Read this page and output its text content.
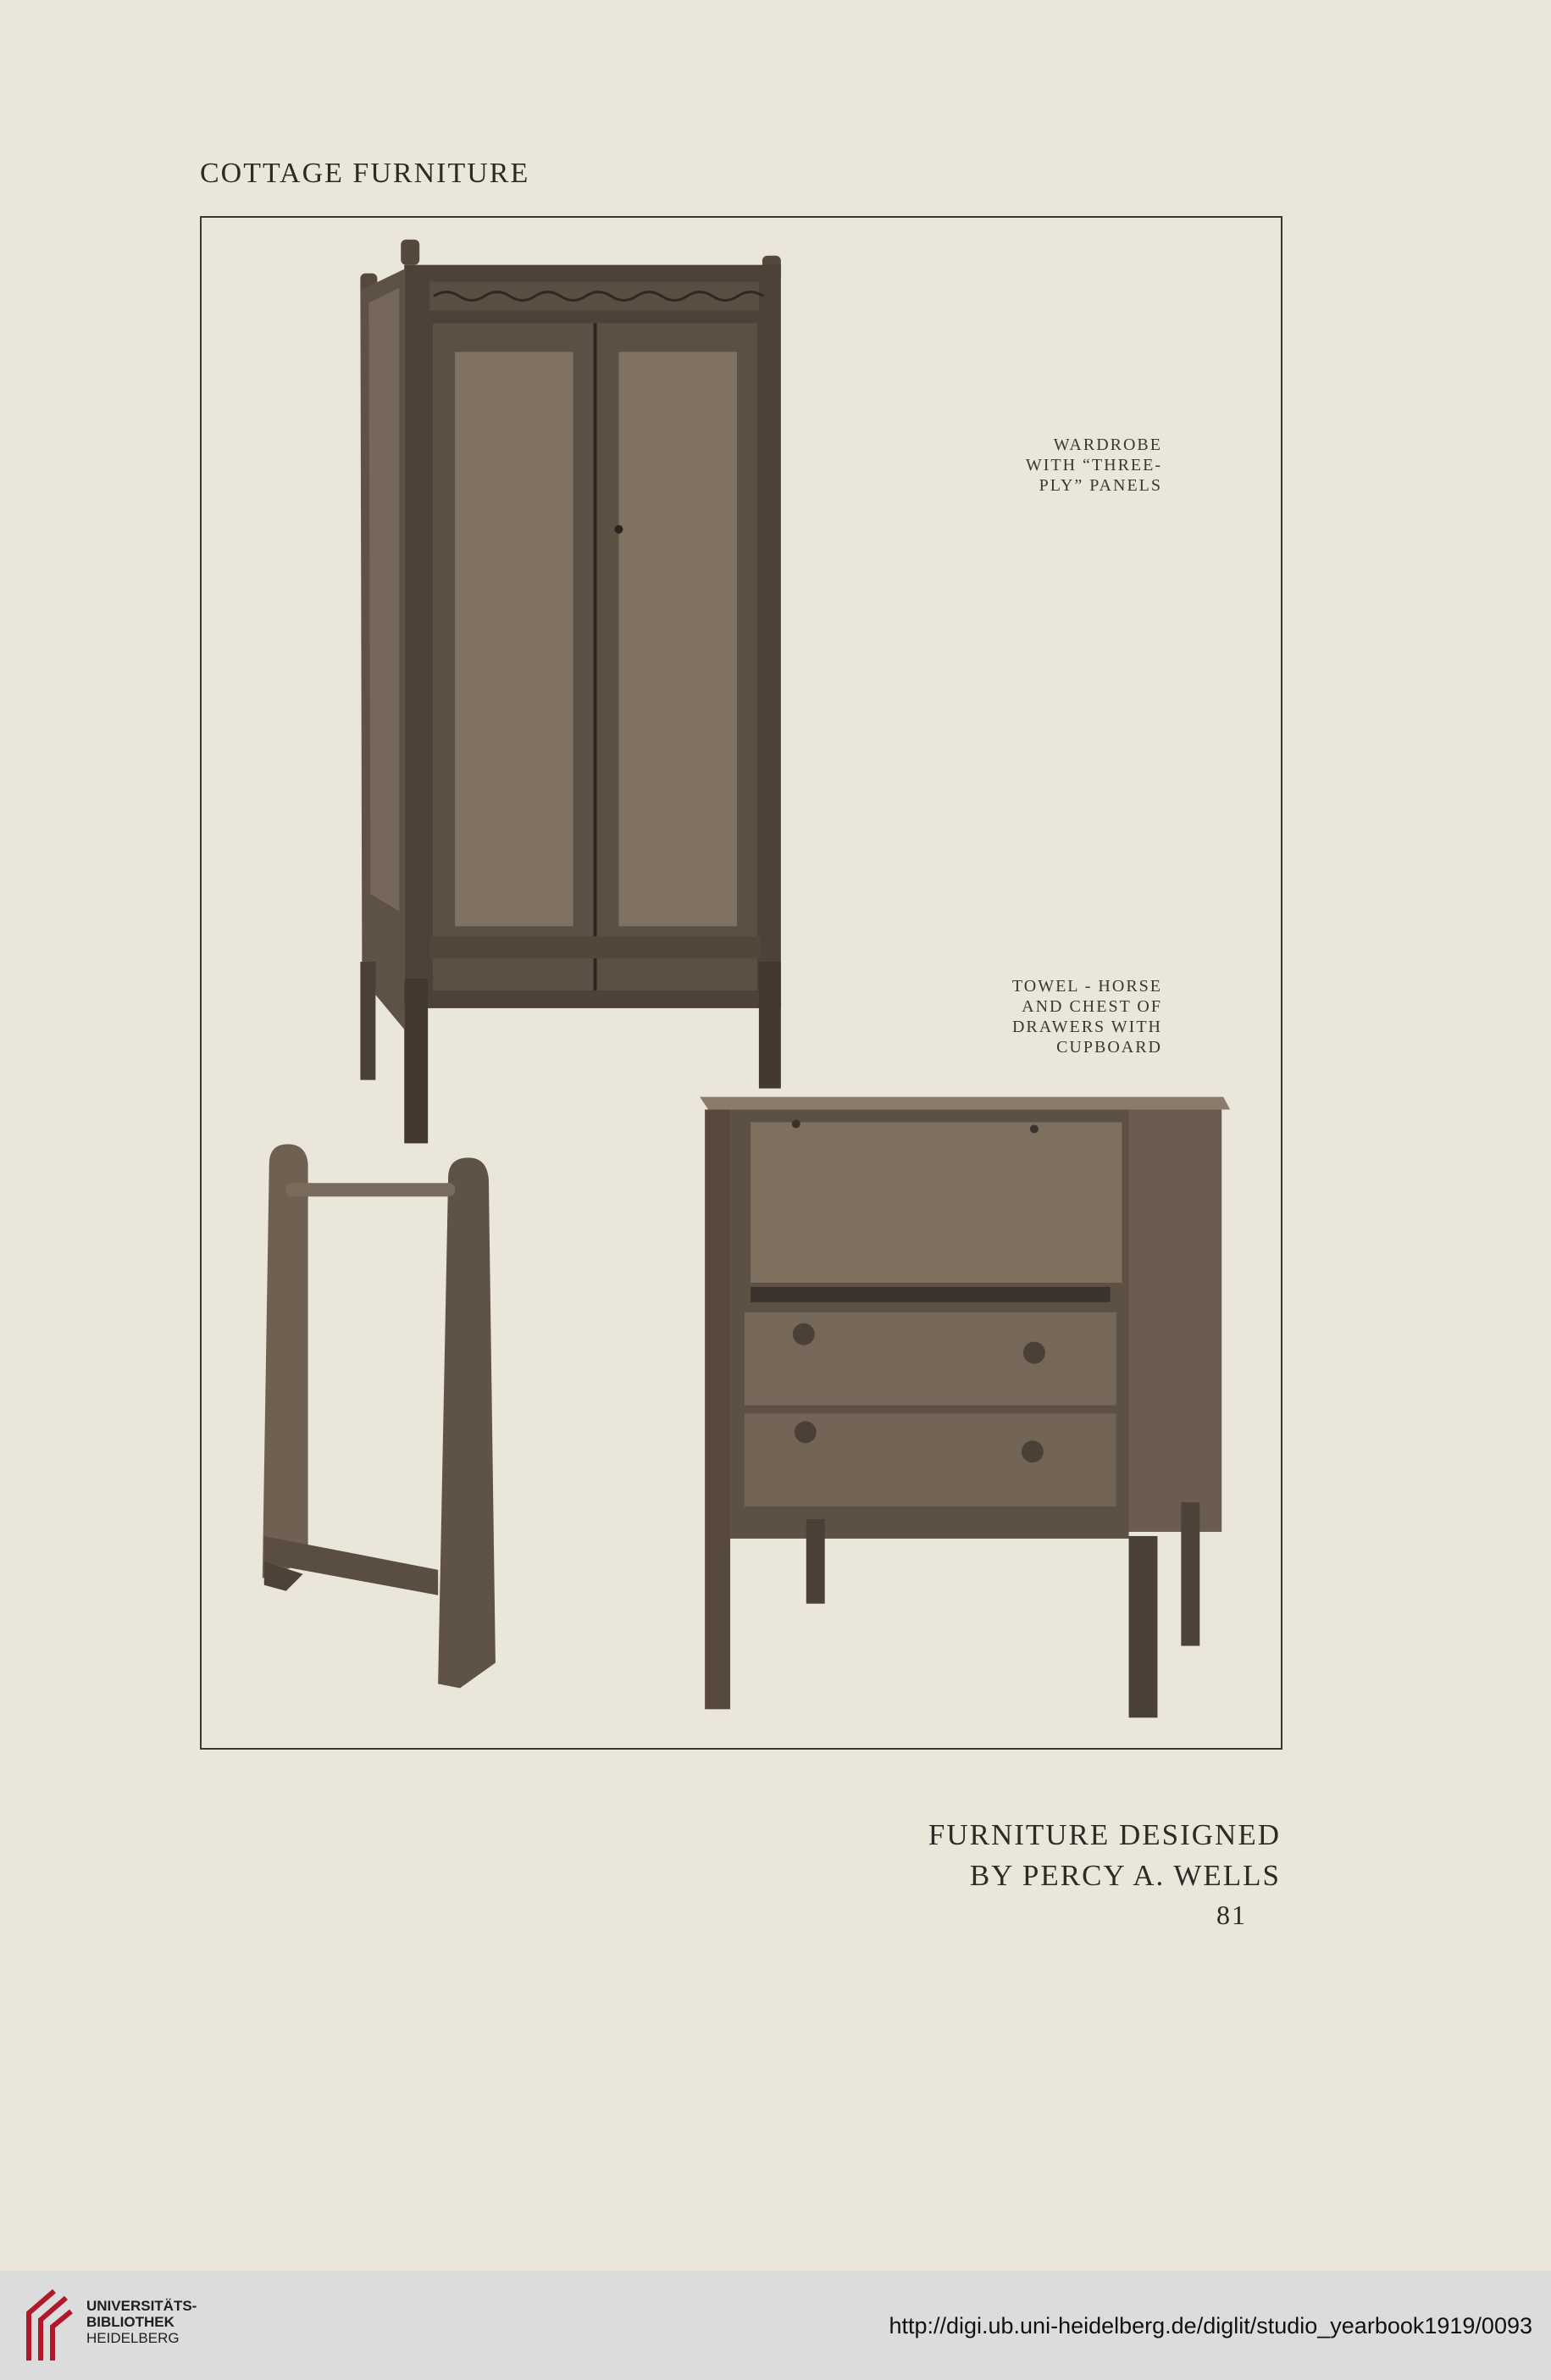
COTTAGE FURNITURE
WARDROBE
WITH “THREE-
PLY” PANELS
TOWEL - HORSE
AND CHEST OF
DRAWERS WITH
CUPBOARD
FURNITURE DESIGNED
BY PERCY A. WELLS
81
UNIVERSITÄTS-
BIBLIOTHEK
HEIDELBERG	http://digi.ub.uni-heidelberg.de/diglit/studio_yearbook1919/0093
